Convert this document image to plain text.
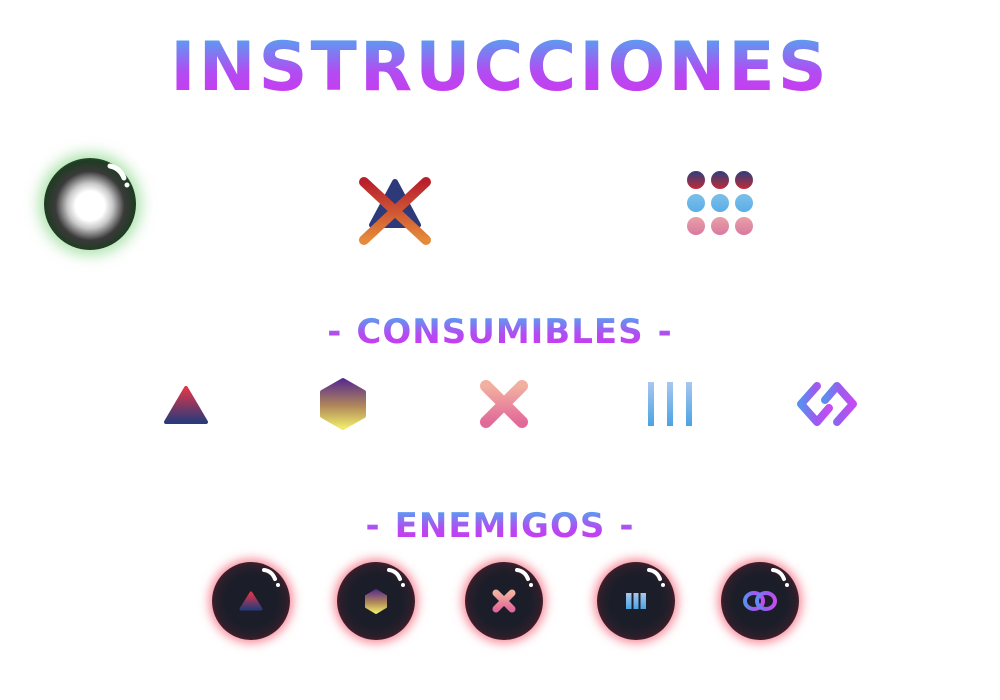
INSTRUCCIONES
- CONSUMIBLES -
- ENEMIGOS -
